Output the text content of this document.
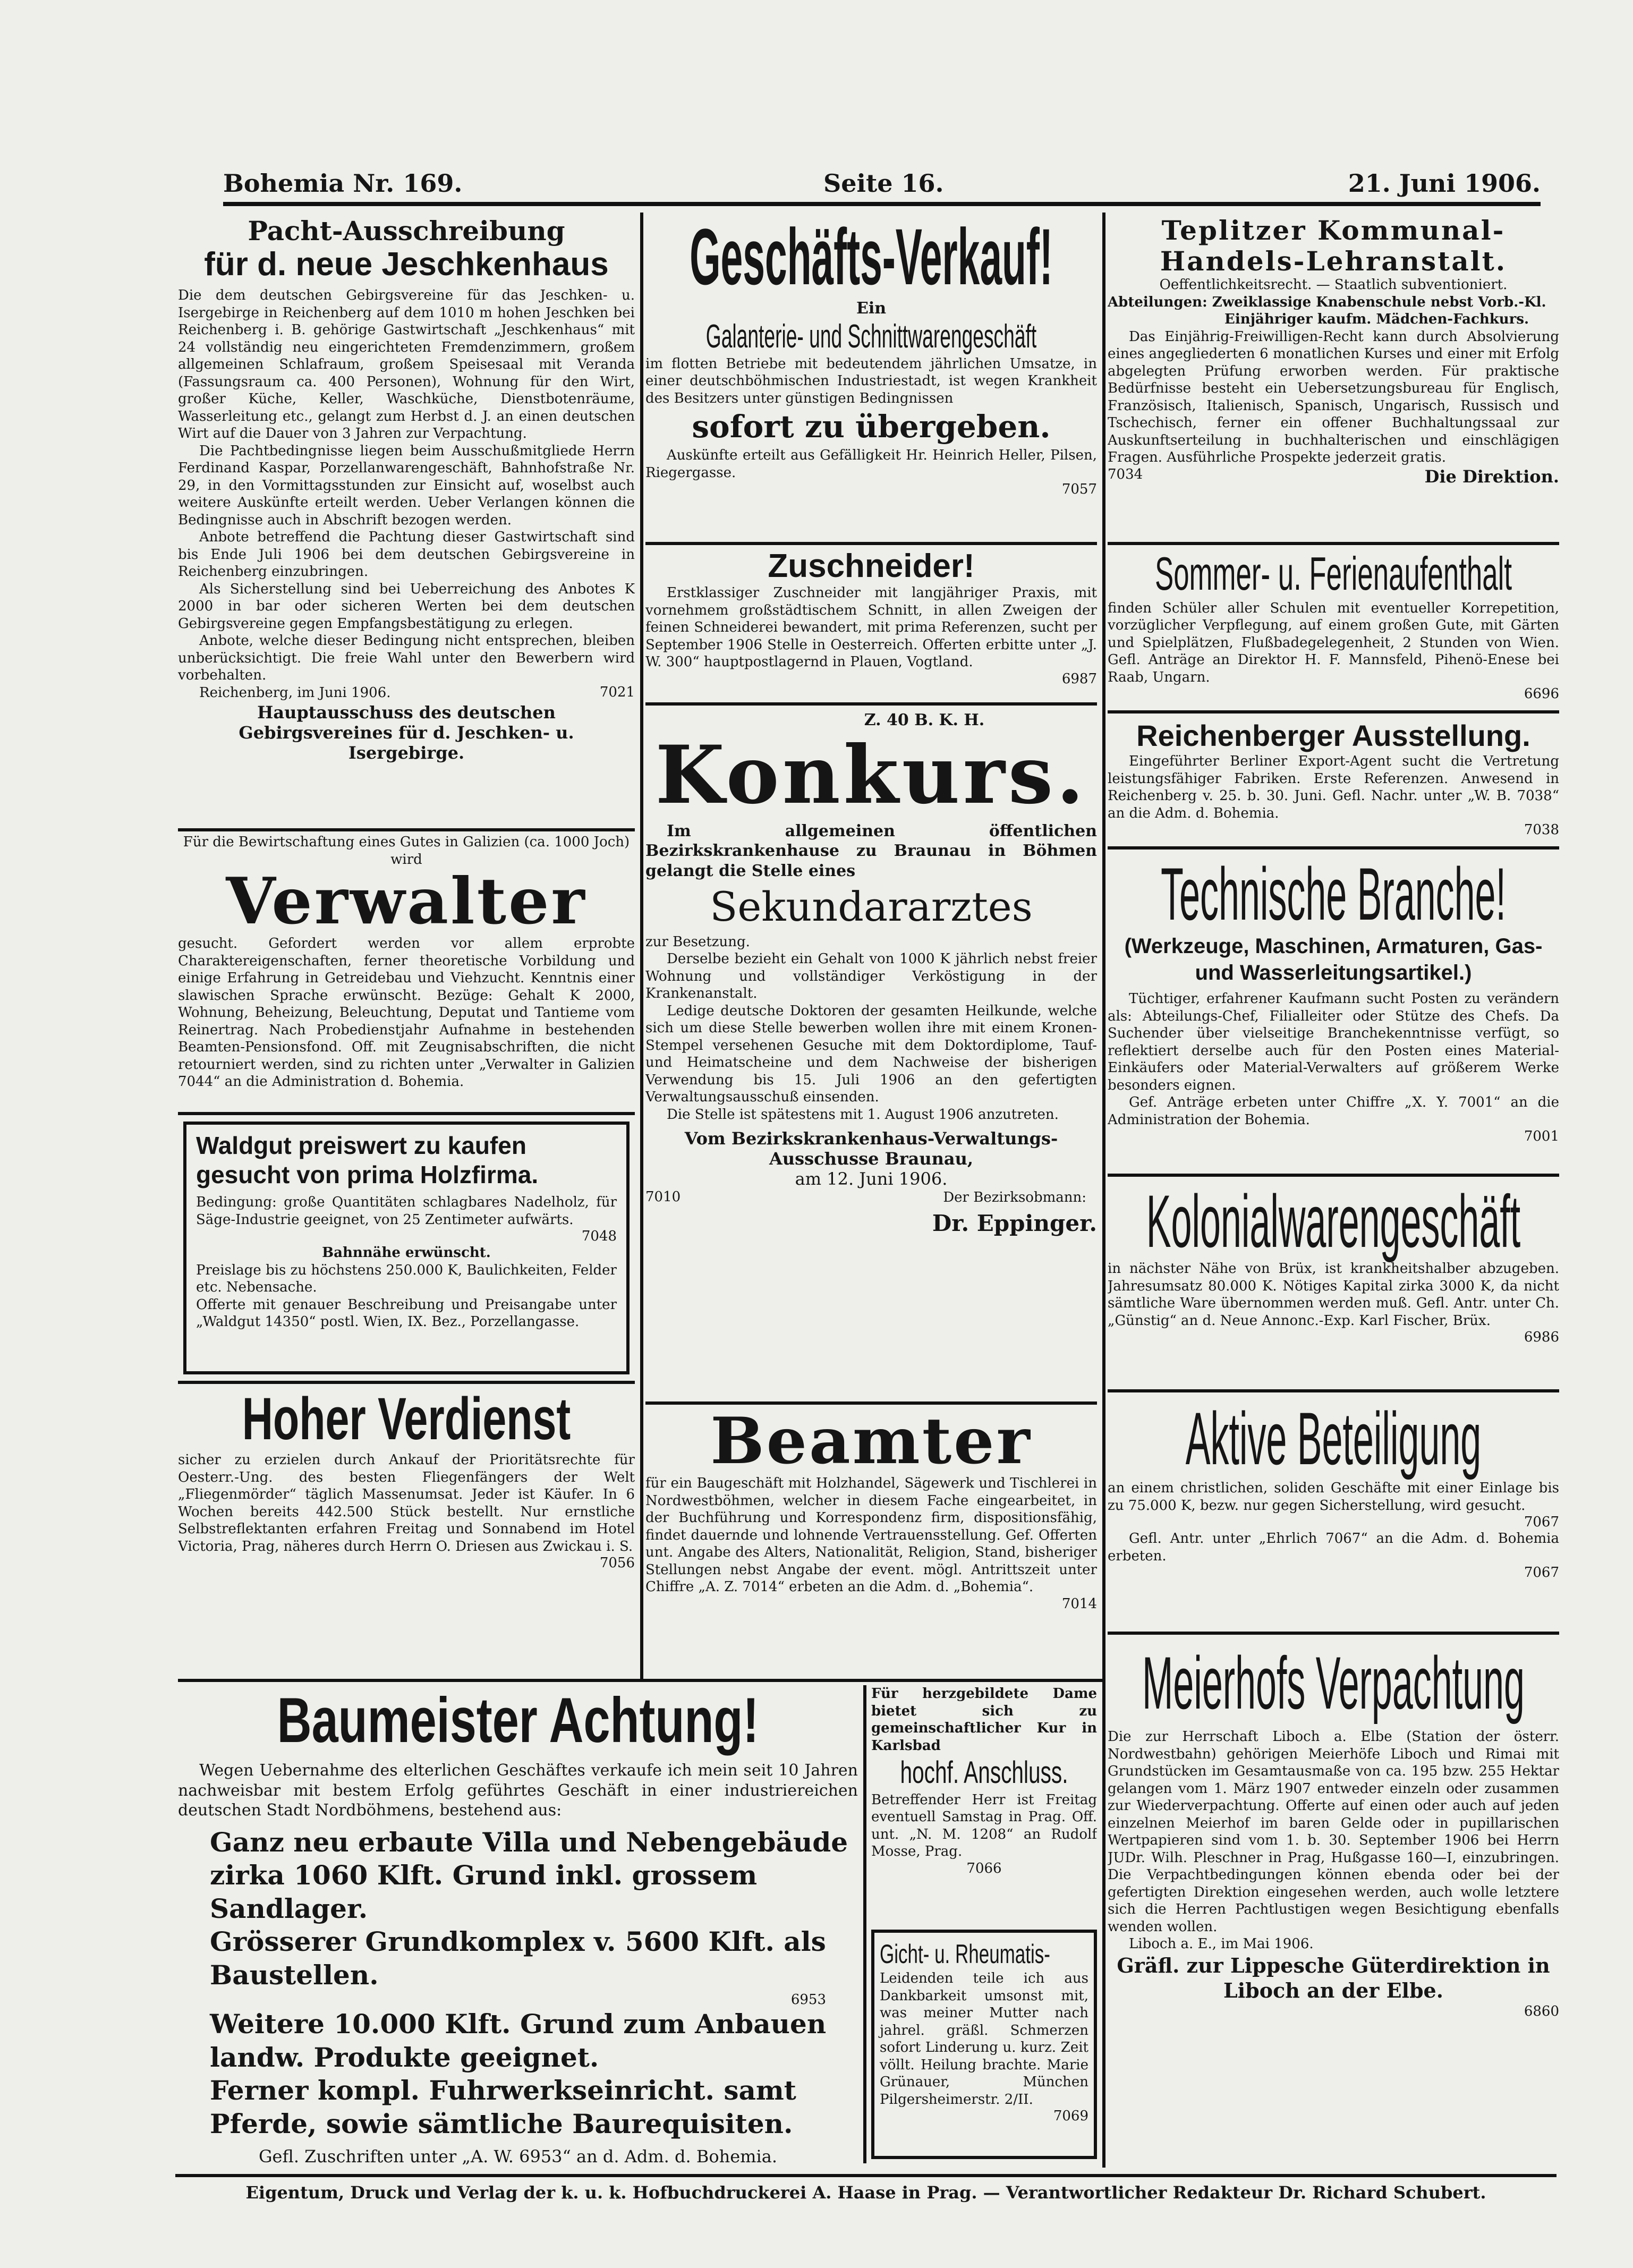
Bohemia Nr. 169.	Seite 16.	21. Juni 1906.

Pacht-Ausschreibung

für d. neue Jeschkenhaus

Die dem deutschen Gebirgsvereine für das Jeschken- u. Isergebirge in Reichenberg auf dem 1010 m hohen Jeschken bei Reichenberg i. B. gehörige Gastwirtschaft „Jeschkenhaus“ mit 24 vollständig neu eingerichteten Fremdenzimmern, großem allgemeinen Schlafraum, großem Speisesaal mit Veranda (Fassungsraum ca. 400 Personen), Wohnung für den Wirt, großer Küche, Keller, Waschküche, Dienstbotenräume, Wasserleitung etc., gelangt zum Herbst d. J. an einen deutschen Wirt auf die Dauer von 3 Jahren zur Verpachtung.

Die Pachtbedingnisse liegen beim Ausschußmitgliede Herrn Ferdinand Kaspar, Porzellanwarengeschäft, Bahnhofstraße Nr. 29, in den Vormittagsstunden zur Einsicht auf, woselbst auch weitere Auskünfte erteilt werden. Ueber Verlangen können die Bedingnisse auch in Abschrift bezogen werden.

Anbote betreffend die Pachtung dieser Gastwirtschaft sind bis Ende Juli 1906 bei dem deutschen Gebirgsvereine in Reichenberg einzubringen.

Als Sicherstellung sind bei Ueberreichung des Anbotes K 2000 in bar oder sicheren Werten bei dem deutschen Gebirgsvereine gegen Empfangsbestätigung zu erlegen.

Anbote, welche dieser Bedingung nicht entsprechen, bleiben unberücksichtigt. Die freie Wahl unter den Bewerbern wird vorbehalten.

Reichenberg, im Juni 1906.	7021

Hauptausschuss des deutschen Gebirgsvereines für d. Jeschken- u. Isergebirge.

Für die Bewirtschaftung eines Gutes in Galizien (ca. 1000 Joch) wird

Verwalter

gesucht. Gefordert werden vor allem erprobte Charaktereigenschaften, ferner theoretische Vorbildung und einige Erfahrung in Getreidebau und Viehzucht. Kenntnis einer slawischen Sprache erwünscht. Bezüge: Gehalt K 2000, Wohnung, Beheizung, Beleuchtung, Deputat und Tantieme vom Reinertrag. Nach Probedienstjahr Aufnahme in bestehenden Beamten-Pensionsfond. Off. mit Zeugnisabschriften, die nicht retourniert werden, sind zu richten unter „Verwalter in Galizien 7044“ an die Administration d. Bohemia.

Waldgut preiswert zu kaufen gesucht von prima Holzfirma.

Bedingung: große Quantitäten schlagbares Nadelholz, für Säge-Industrie geeignet, von 25 Zentimeter aufwärts.

7048

Bahnnähe erwünscht.

Preislage bis zu höchstens 250.000 K, Baulichkeiten, Felder etc. Nebensache.

Offerte mit genauer Beschreibung und Preisangabe unter „Waldgut 14350“ postl. Wien, IX. Bez., Porzellangasse.

Hoher Verdienst

sicher zu erzielen durch Ankauf der Prioritätsrechte für Oesterr.-Ung. des besten Fliegenfängers der Welt „Fliegenmörder“ täglich Massenumsat. Jeder ist Käufer. In 6 Wochen bereits 442.500 Stück bestellt. Nur ernstliche Selbstreflektanten erfahren Freitag und Sonnabend im Hotel Victoria, Prag, näheres durch Herrn O. Driesen aus Zwickau i. S.

7056

Geschäfts-Verkauf!

Ein

Galanterie- und Schnittwarengeschäft

im flotten Betriebe mit bedeutendem jährlichen Umsatze, in einer deutschböhmischen Industriestadt, ist wegen Krankheit des Besitzers unter günstigen Bedingnissen

sofort zu übergeben.

Auskünfte erteilt aus Gefälligkeit Hr. Heinrich Heller, Pilsen, Riegergasse.

7057

Zuschneider!

Erstklassiger Zuschneider mit langjähriger Praxis, mit vornehmem großstädtischem Schnitt, in allen Zweigen der feinen Schneiderei bewandert, mit prima Referenzen, sucht per September 1906 Stelle in Oesterreich. Offerten erbitte unter „J. W. 300“ hauptpostlagernd in Plauen, Vogtland.

6987

Z. 40 B. K. H.

Konkurs.

Im allgemeinen öffentlichen Bezirkskrankenhause zu Braunau in Böhmen gelangt die Stelle eines

Sekundararztes

zur Besetzung.

Derselbe bezieht ein Gehalt von 1000 K jährlich nebst freier Wohnung und vollständiger Verköstigung in der Krankenanstalt.

Ledige deutsche Doktoren der gesamten Heilkunde, welche sich um diese Stelle bewerben wollen ihre mit einem Kronen-Stempel versehenen Gesuche mit dem Doktordiplome, Tauf- und Heimatscheine und dem Nachweise der bisherigen Verwendung bis 15. Juli 1906 an den gefertigten Verwaltungsausschuß einsenden.

Die Stelle ist spätestens mit 1. August 1906 anzutreten.

Vom Bezirkskrankenhaus-Verwaltungs-Ausschusse Braunau,

am 12. Juni 1906.

7010	Der Bezirksobmann:

Dr. Eppinger.

Beamter

für ein Baugeschäft mit Holzhandel, Sägewerk und Tischlerei in Nordwestböhmen, welcher in diesem Fache eingearbeitet, in der Buchführung und Korrespondenz firm, dispositionsfähig, findet dauernde und lohnende Vertrauensstellung. Gef. Offerten unt. Angabe des Alters, Nationalität, Religion, Stand, bisheriger Stellungen nebst Angabe der event. mögl. Antrittszeit unter Chiffre „A. Z. 7014“ erbeten an die Adm. d. „Bohemia“.

7014

Teplitzer Kommunal-Handels-Lehranstalt.

Oeffentlichkeitsrecht. — Staatlich subventioniert.

Abteilungen: Zweiklassige Knabenschule nebst Vorb.-Kl.

Einjähriger kaufm. Mädchen-Fachkurs.

Das Einjährig-Freiwilligen-Recht kann durch Absolvierung eines angegliederten 6 monatlichen Kurses und einer mit Erfolg abgelegten Prüfung erworben werden. Für praktische Bedürfnisse besteht ein Uebersetzungsbureau für Englisch, Französisch, Italienisch, Spanisch, Ungarisch, Russisch und Tschechisch, ferner ein offener Buchhaltungssaal zur Auskunftserteilung in buchhalterischen und einschlägigen Fragen. Ausführliche Prospekte jederzeit gratis.

7034	Die Direktion.

Sommer- u. Ferienaufenthalt

finden Schüler aller Schulen mit eventueller Korrepetition, vorzüglicher Verpflegung, auf einem großen Gute, mit Gärten und Spielplätzen, Flußbadegelegenheit, 2 Stunden von Wien. Gefl. Anträge an Direktor H. F. Mannsfeld, Pihenö-Enese bei Raab, Ungarn.

6696

Reichenberger Ausstellung.

Eingeführter Berliner Export-Agent sucht die Vertretung leistungsfähiger Fabriken. Erste Referenzen. Anwesend in Reichenberg v. 25. b. 30. Juni. Gefl. Nachr. unter „W. B. 7038“ an die Adm. d. Bohemia.

7038

Technische Branche!

(Werkzeuge, Maschinen, Armaturen, Gas- und Wasserleitungsartikel.)

Tüchtiger, erfahrener Kaufmann sucht Posten zu verändern als: Abteilungs-Chef, Filialleiter oder Stütze des Chefs. Da Suchender über vielseitige Branchekenntnisse verfügt, so reflektiert derselbe auch für den Posten eines Material-Einkäufers oder Material-Verwalters auf größerem Werke besonders eignen.

Gef. Anträge erbeten unter Chiffre „X. Y. 7001“ an die Administration der Bohemia.

7001

Kolonialwarengeschäft

in nächster Nähe von Brüx, ist krankheitshalber abzugeben. Jahresumsatz 80.000 K. Nötiges Kapital zirka 3000 K, da nicht sämtliche Ware übernommen werden muß. Gefl. Antr. unter Ch. „Günstig“ an d. Neue Annonc.-Exp. Karl Fischer, Brüx.

6986

Aktive Beteiligung

an einem christlichen, soliden Geschäfte mit einer Einlage bis zu 75.000 K, bezw. nur gegen Sicherstellung, wird gesucht.

7067

Gefl. Antr. unter „Ehrlich 7067“ an die Adm. d. Bohemia erbeten.

7067

Meierhofs Verpachtung

Die zur Herrschaft Liboch a. Elbe (Station der österr. Nordwestbahn) gehörigen Meierhöfe Liboch und Rimai mit Grundstücken im Gesamtausmaße von ca. 195 bzw. 255 Hektar gelangen vom 1. März 1907 entweder einzeln oder zusammen zur Wiederverpachtung. Offerte auf einen oder auch auf jeden einzelnen Meierhof im baren Gelde oder in pupillarischen Wertpapieren sind vom 1. b. 30. September 1906 bei Herrn JUDr. Wilh. Pleschner in Prag, Hußgasse 160—I, einzubringen. Die Verpachtbedingungen können ebenda oder bei der gefertigten Direktion eingesehen werden, auch wolle letztere sich die Herren Pachtlustigen wegen Besichtigung ebenfalls wenden wollen.

Liboch a. E., im Mai 1906.

Gräfl. zur Lippesche Güterdirektion in Liboch an der Elbe.

6860

Baumeister Achtung!

Wegen Uebernahme des elterlichen Geschäftes verkaufe ich mein seit 10 Jahren nachweisbar mit bestem Erfolg geführtes Geschäft in einer industriereichen deutschen Stadt Nordböhmens, bestehend aus:

Ganz neu erbaute Villa und Nebengebäude zirka 1060 Klft. Grund inkl. grossem Sandlager.

Grösserer Grundkomplex v. 5600 Klft. als Baustellen.

6953

Weitere 10.000 Klft. Grund zum Anbauen landw. Produkte geeignet.

Ferner kompl. Fuhrwerkseinricht. samt Pferde, sowie sämtliche Baurequisiten.

Gefl. Zuschriften unter „A. W. 6953“ an d. Adm. d. Bohemia.

Für herzgebildete Dame bietet sich zu gemeinschaftlicher Kur in Karlsbad

hochf. Anschluss.

Betreffender Herr ist Freitag eventuell Samstag in Prag. Off. unt. „N. M. 1208“ an Rudolf Mosse, Prag.

7066

Gicht- u. Rheumatis-

Leidenden teile ich aus Dankbarkeit umsonst mit, was meiner Mutter nach jahrel. gräßl. Schmerzen sofort Linderung u. kurz. Zeit völlt. Heilung brachte. Marie Grünauer, München Pilgersheimerstr. 2/II.

7069

Eigentum, Druck und Verlag der k. u. k. Hofbuchdruckerei A. Haase in Prag. — Verantwortlicher Redakteur Dr. Richard Schubert.
